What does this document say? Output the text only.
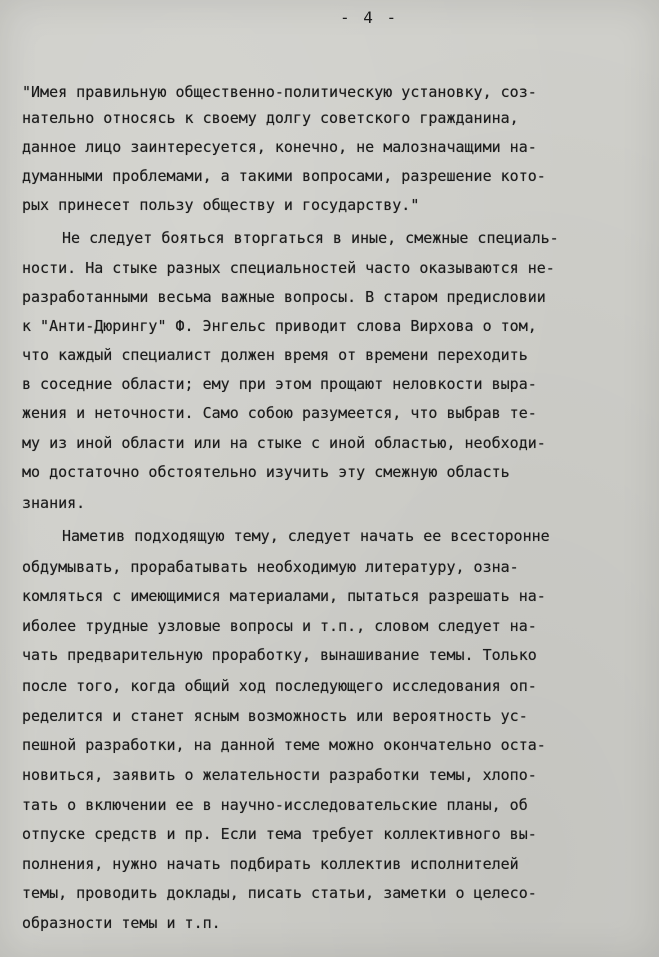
- 4 -
"Имея правильную общественно-политическую установку, соз-
нательно относясь к своему долгу советского гражданина,
данное лицо заинтересуется, конечно, не малозначащими на-
думанными проблемами, а такими вопросами, разрешение кото-
рых принесет пользу обществу и государству."
Не следует бояться вторгаться в иные, смежные специаль-
ности. На стыке разных специальностей часто оказываются не-
разработанными весьма важные вопросы. В старом предисловии
к "Анти-Дюрингу" Ф. Энгельс приводит слова Вирхова о том,
что каждый специалист должен время от времени переходить
в соседние области; ему при этом прощают неловкости выра-
жения и неточности. Само собою разумеется, что выбрав те-
му из иной области или на стыке с иной областью, необходи-
мо достаточно обстоятельно изучить эту смежную область
знания.
Наметив подходящую тему, следует начать ее всесторонне
обдумывать, прорабатывать необходимую литературу, озна-
комляться с имеющимися материалами, пытаться разрешать на-
иболее трудные узловые вопросы и т.п., словом следует на-
чать предварительную проработку, вынашивание темы. Только
после того, когда общий ход последующего исследования оп-
ределится и станет ясным возможность или вероятность ус-
пешной разработки, на данной теме можно окончательно оста-
новиться, заявить о желательности разработки темы, хлопо-
тать о включении ее в научно-исследовательские планы, об
отпуске средств и пр. Если тема требует коллективного вы-
полнения, нужно начать подбирать коллектив исполнителей
темы, проводить доклады, писать статьи, заметки о целесо-
образности темы и т.п.
